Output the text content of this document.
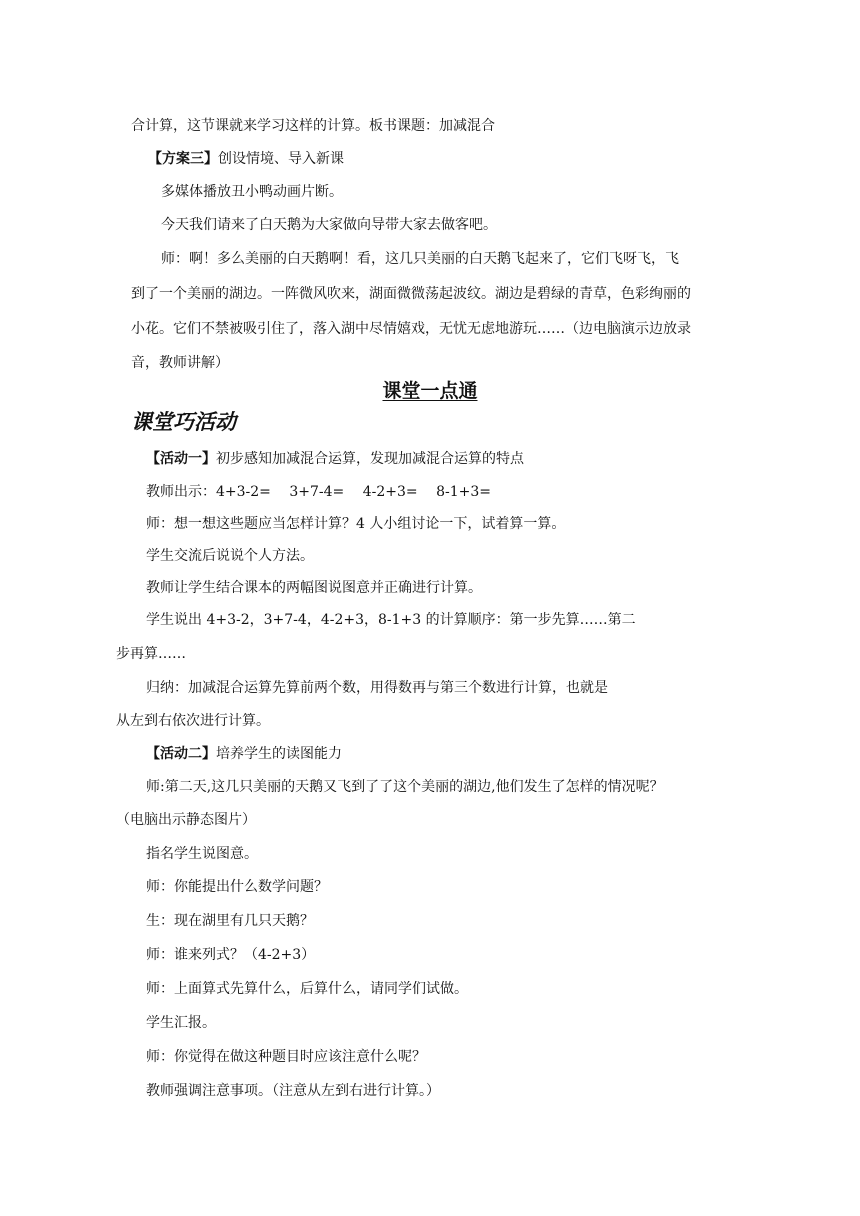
合计算，这节课就来学习这样的计算。板书课题：加减混合
【方案三】创设情境、导入新课
多媒体播放丑小鸭动画片断。
今天我们请来了白天鹅为大家做向导带大家去做客吧。
师：啊！多么美丽的白天鹅啊！看，这几只美丽的白天鹅飞起来了，它们飞呀飞，飞
到了一个美丽的湖边。一阵微风吹来，湖面微微荡起波纹。湖边是碧绿的青草，色彩绚丽的
小花。它们不禁被吸引住了，落入湖中尽情嬉戏，无忧无虑地游玩……（边电脑演示边放录
音，教师讲解）
课堂一点通
课堂巧活动
【活动一】初步感知加减混合运算，发现加减混合运算的特点
教师出示：4+3-2=　 3+7-4=　 4-2+3=　 8-1+3=
师：想一想这些题应当怎样计算？4 人小组讨论一下，试着算一算。
学生交流后说说个人方法。
教师让学生结合课本的两幅图说图意并正确进行计算。
学生说出 4+3-2，3+7-4，4-2+3，8-1+3 的计算顺序：第一步先算……第二
步再算……
归纳：加减混合运算先算前两个数，用得数再与第三个数进行计算，也就是
从左到右依次进行计算。
【活动二】培养学生的读图能力
师:第二天,这几只美丽的天鹅又飞到了了这个美丽的湖边,他们发生了怎样的情况呢？
（电脑出示静态图片）
指名学生说图意。
师：你能提出什么数学问题？
生：现在湖里有几只天鹅？
师：谁来列式？（4-2+3）
师：上面算式先算什么，后算什么，请同学们试做。
学生汇报。
师：你觉得在做这种题目时应该注意什么呢？
教师强调注意事项。（注意从左到右进行计算。）
